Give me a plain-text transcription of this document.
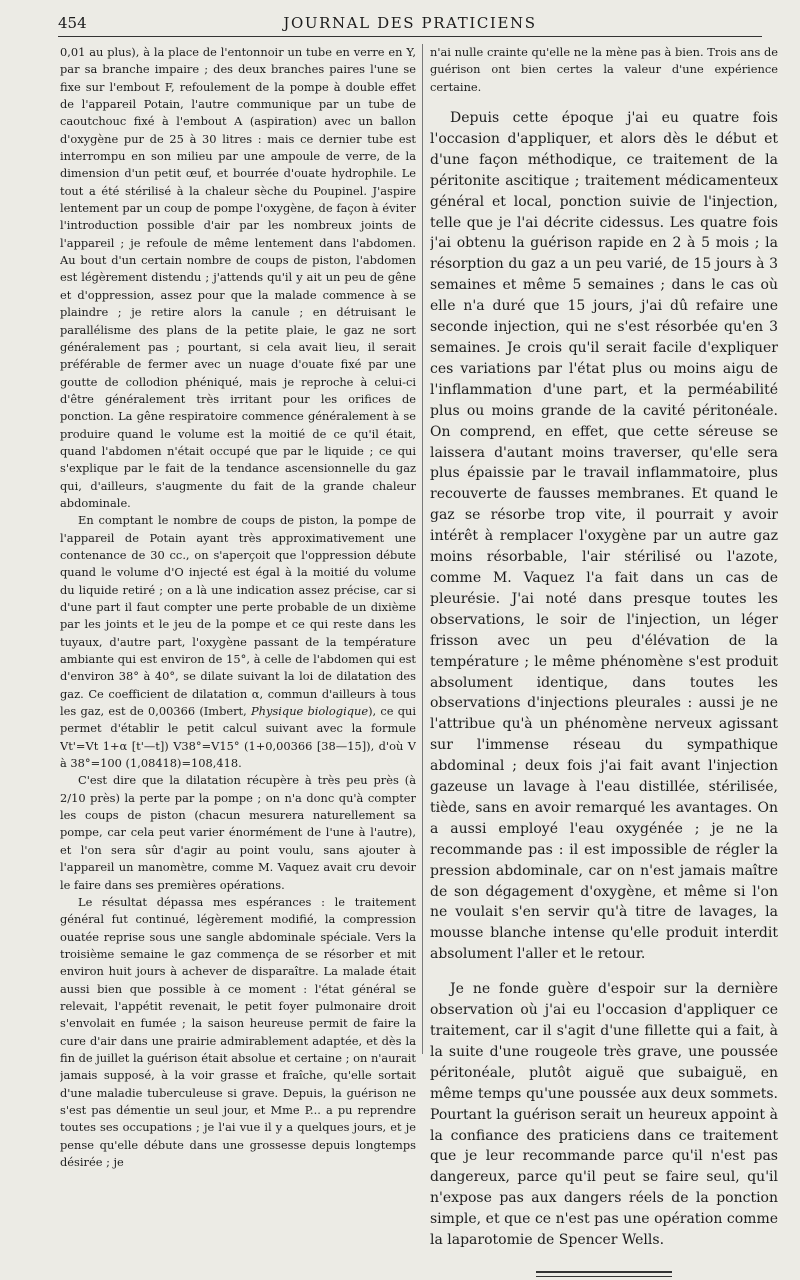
454	JOURNAL DES PRATICIENS

0,01 au plus), à la place de l'entonnoir un tube en verre en Y, par sa branche impaire ; des deux branches paires l'une se fixe sur l'embout F, refoulement de la pompe à double effet de l'appareil Potain, l'autre communique par un tube de caoutchouc fixé à l'embout A (aspiration) avec un ballon d'oxygène pur de 25 à 30 litres : mais ce dernier tube est interrompu en son milieu par une ampoule de verre, de la dimension d'un petit œuf, et bourrée d'ouate hydrophile. Le tout a été stérilisé à la chaleur sèche du Poupinel. J'aspire lentement par un coup de pompe l'oxygène, de façon à éviter l'introduction possible d'air par les nombreux joints de l'appareil ; je refoule de même lentement dans l'abdomen. Au bout d'un certain nombre de coups de piston, l'abdomen est légèrement distendu ; j'attends qu'il y ait un peu de gêne et d'oppression, assez pour que la malade commence à se plaindre ; je retire alors la canule ; en détruisant le parallélisme des plans de la petite plaie, le gaz ne sort généralement pas ; pourtant, si cela avait lieu, il serait préférable de fermer avec un nuage d'ouate fixé par une goutte de collodion phéniqué, mais je reproche à celui-ci d'être généralement très irritant pour les orifices de ponction. La gêne respiratoire commence généralement à se produire quand le volume est la moitié de ce qu'il était, quand l'abdomen n'était occupé que par le liquide ; ce qui s'explique par le fait de la tendance ascensionnelle du gaz qui, d'ailleurs, s'augmente du fait de la grande chaleur abdominale.

En comptant le nombre de coups de piston, la pompe de l'appareil de Potain ayant très approximativement une contenance de 30 cc., on s'aperçoit que l'oppression débute quand le volume d'O injecté est égal à la moitié du volume du liquide retiré ; on a là une indication assez précise, car si d'une part il faut compter une perte probable de un dixième par les joints et le jeu de la pompe et ce qui reste dans les tuyaux, d'autre part, l'oxygène passant de la température ambiante qui est environ de 15°, à celle de l'abdomen qui est d'environ 38° à 40°, se dilate suivant la loi de dilatation des gaz. Ce coefficient de dilatation α, commun d'ailleurs à tous les gaz, est de 0,00366 (Imbert, Physique biologique), ce qui permet d'établir le petit calcul suivant avec la formule Vt'=Vt 1+α [t'—t]) V38°=V15° (1+0,00366 [38—15]), d'où V à 38°=100 (1,08418)=108,418.

C'est dire que la dilatation récupère à très peu près (à 2/10 près) la perte par la pompe ; on n'a donc qu'à compter les coups de piston (chacun mesurera naturellement sa pompe, car cela peut varier énormément de l'une à l'autre), et l'on sera sûr d'agir au point voulu, sans ajouter à l'appareil un manomètre, comme M. Vaquez avait cru devoir le faire dans ses premières opérations.

Le résultat dépassa mes espérances : le traitement général fut continué, légèrement modifié, la compression ouatée reprise sous une sangle abdominale spéciale. Vers la troisième semaine le gaz commença de se résorber et mit environ huit jours à achever de disparaître. La malade était aussi bien que possible à ce moment : l'état général se relevait, l'appétit revenait, le petit foyer pulmonaire droit s'envolait en fumée ; la saison heureuse permit de faire la cure d'air dans une prairie admirablement adaptée, et dès la fin de juillet la guérison était absolue et certaine ; on n'aurait jamais supposé, à la voir grasse et fraîche, qu'elle sortait d'une maladie tuberculeuse si grave. Depuis, la guérison ne s'est pas démentie un seul jour, et Mme P... a pu reprendre toutes ses occupations ; je l'ai vue il y a quelques jours, et je pense qu'elle débute dans une grossesse depuis longtemps désirée ; je

n'ai nulle crainte qu'elle ne la mène pas à bien. Trois ans de guérison ont bien certes la valeur d'une expérience certaine.

Depuis cette époque j'ai eu quatre fois l'occasion d'appliquer, et alors dès le début et d'une façon méthodique, ce traitement de la péritonite ascitique ; traitement médicamenteux général et local, ponction suivie de l'injection, telle que je l'ai décrite cidessus. Les quatre fois j'ai obtenu la guérison rapide en 2 à 5 mois ; la résorption du gaz a un peu varié, de 15 jours à 3 semaines et même 5 semaines ; dans le cas où elle n'a duré que 15 jours, j'ai dû refaire une seconde injection, qui ne s'est résorbée qu'en 3 semaines. Je crois qu'il serait facile d'expliquer ces variations par l'état plus ou moins aigu de l'inflammation d'une part, et la perméabilité plus ou moins grande de la cavité péritonéale. On comprend, en effet, que cette séreuse se laissera d'autant moins traverser, qu'elle sera plus épaissie par le travail inflammatoire, plus recouverte de fausses membranes. Et quand le gaz se résorbe trop vite, il pourrait y avoir intérêt à remplacer l'oxygène par un autre gaz moins résorbable, l'air stérilisé ou l'azote, comme M. Vaquez l'a fait dans un cas de pleurésie. J'ai noté dans presque toutes les observations, le soir de l'injection, un léger frisson avec un peu d'élévation de la température ; le même phénomène s'est produit absolument identique, dans toutes les observations d'injections pleurales : aussi je ne l'attribue qu'à un phénomène nerveux agissant sur l'immense réseau du sympathique abdominal ; deux fois j'ai fait avant l'injection gazeuse un lavage à l'eau distillée, stérilisée, tiède, sans en avoir remarqué les avantages. On a aussi employé l'eau oxygénée ; je ne la recommande pas : il est impossible de régler la pression abdominale, car on n'est jamais maître de son dégagement d'oxygène, et même si l'on ne voulait s'en servir qu'à titre de lavages, la mousse blanche intense qu'elle produit interdit absolument l'aller et le retour.

Je ne fonde guère d'espoir sur la dernière observation où j'ai eu l'occasion d'appliquer ce traitement, car il s'agit d'une fillette qui a fait, à la suite d'une rougeole très grave, une poussée péritonéale, plutôt aiguë que subaiguë, en même temps qu'une poussée aux deux sommets. Pourtant la guérison serait un heureux appoint à la confiance des praticiens dans ce traitement que je leur recommande parce qu'il n'est pas dangereux, parce qu'il peut se faire seul, qu'il n'expose pas aux dangers réels de la ponction simple, et que ce n'est pas une opération comme la laparotomie de Spencer Wells.
